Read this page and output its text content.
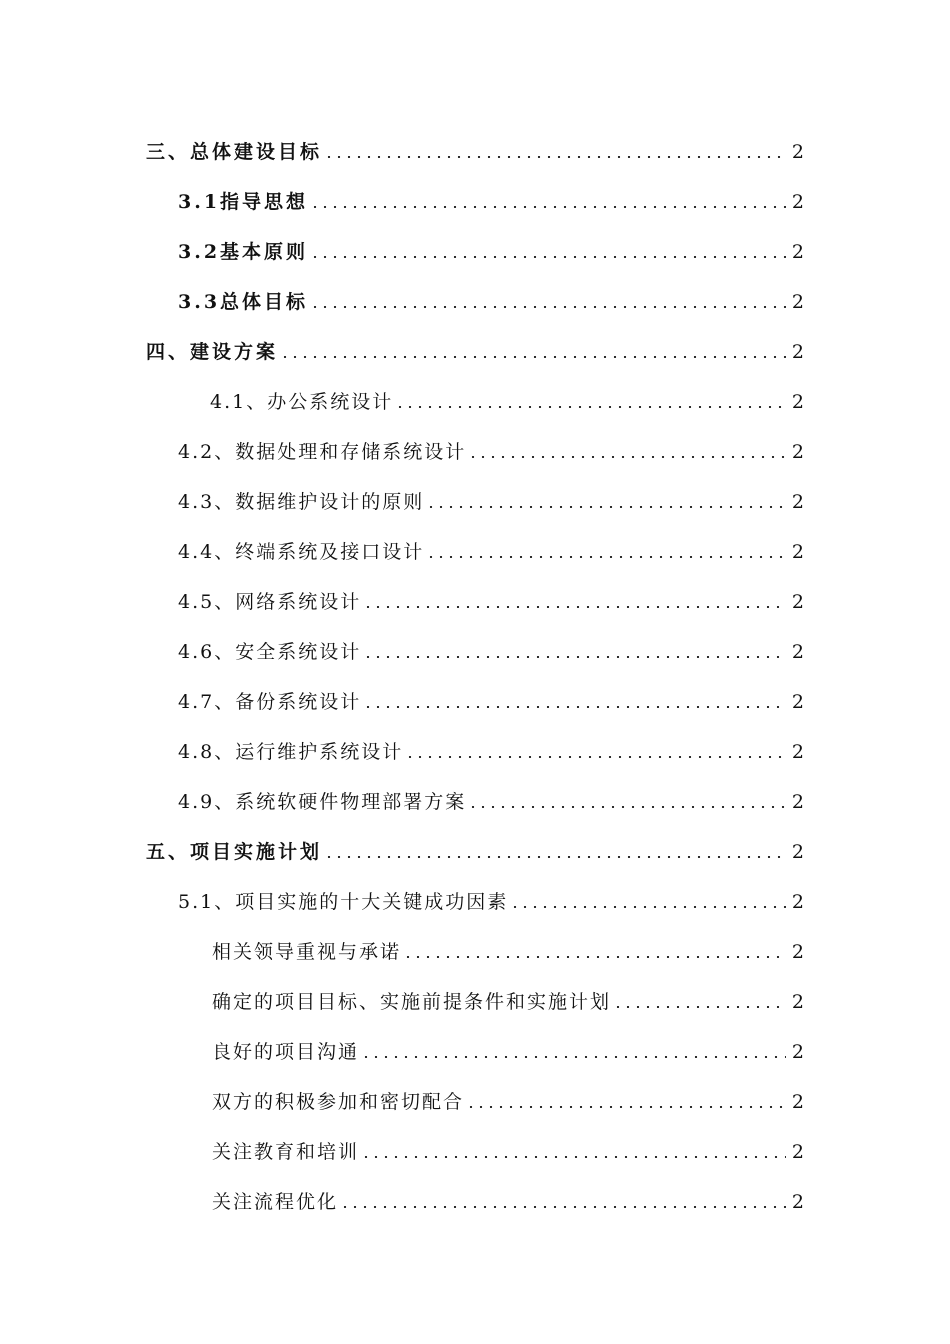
三、总体建设目标	2
3.1指导思想	2
3.2基本原则	2
3.3总体目标	2
四、建设方案	2
4.1、办公系统设计	2
4.2、数据处理和存储系统设计	2
4.3、数据维护设计的原则	2
4.4、终端系统及接口设计	2
4.5、网络系统设计	2
4.6、安全系统设计	2
4.7、备份系统设计	2
4.8、运行维护系统设计	2
4.9、系统软硬件物理部署方案	2
五、项目实施计划	2
5.1、项目实施的十大关键成功因素	2
相关领导重视与承诺	2
确定的项目目标、实施前提条件和实施计划	2
良好的项目沟通	2
双方的积极参加和密切配合	2
关注教育和培训	2
关注流程优化	2
